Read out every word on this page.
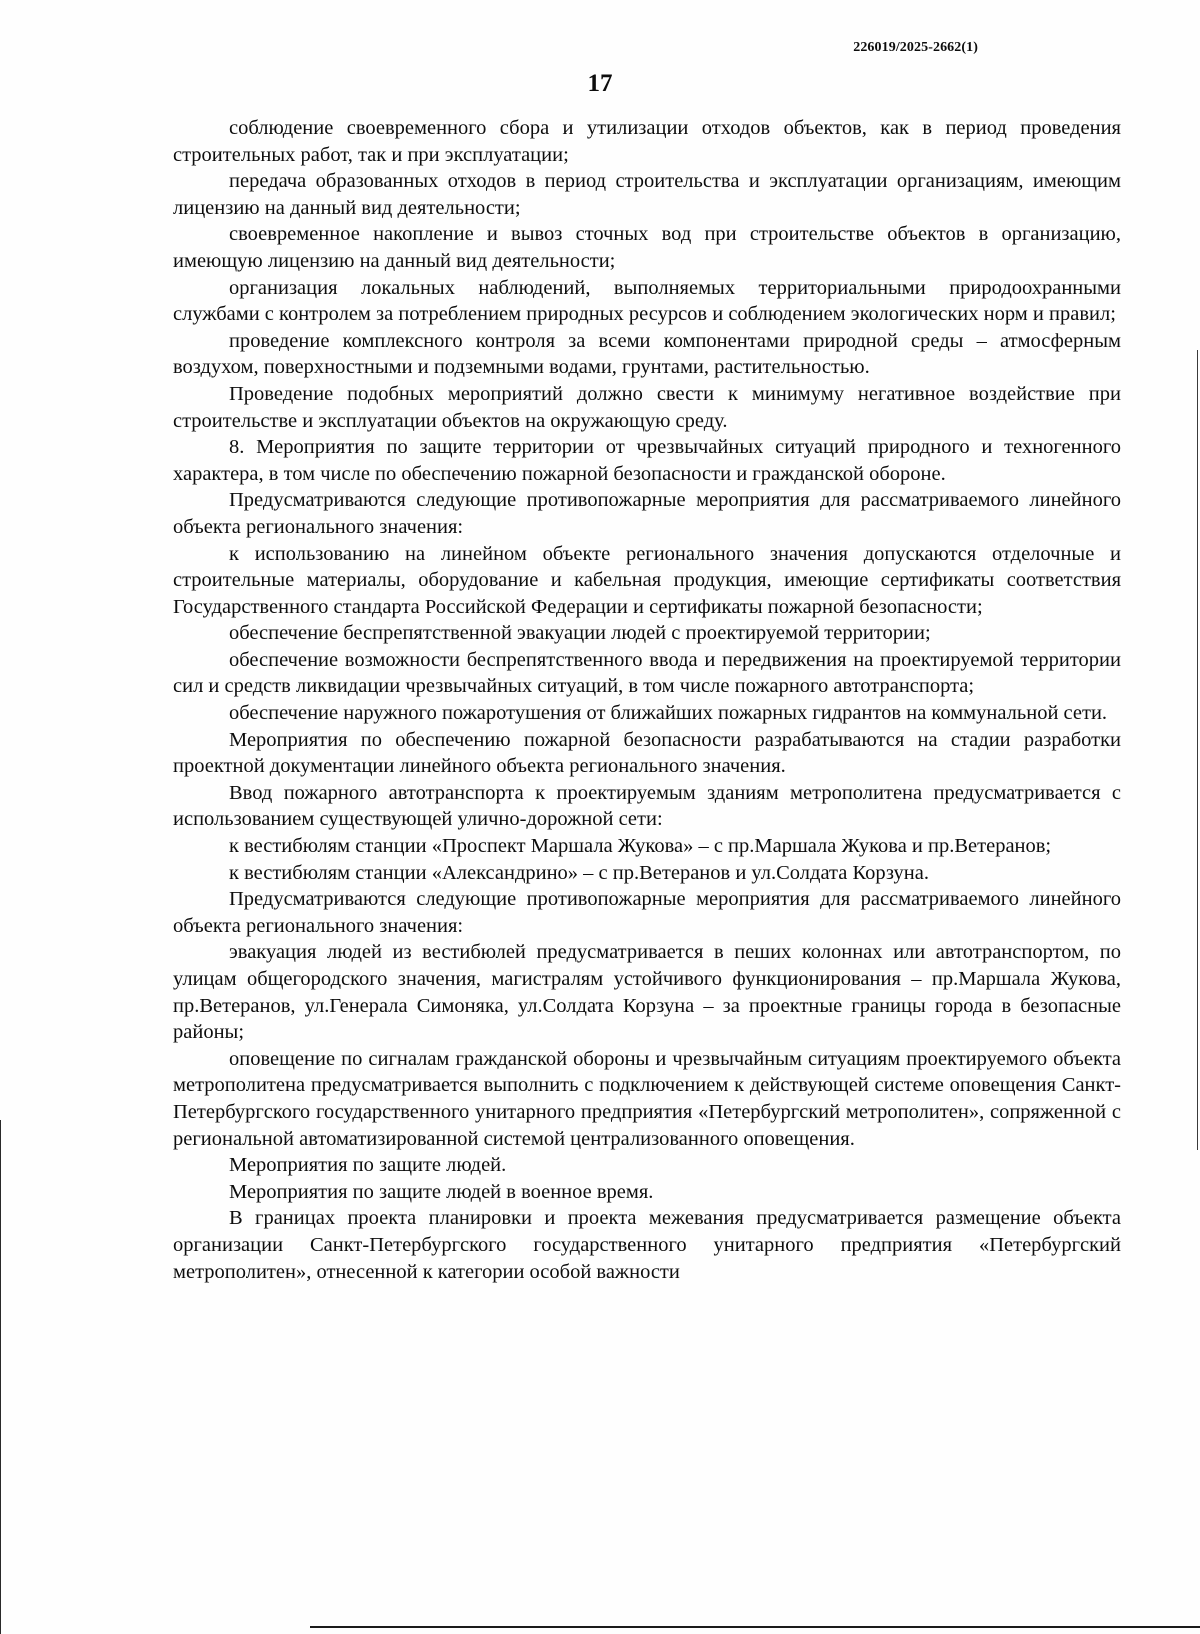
226019/2025-2662(1)
17

соблюдение своевременного сбора и утилизации отходов объектов, как в период проведения строительных работ, так и при эксплуатации;

передача образованных отходов в период строительства и эксплуатации организациям, имеющим лицензию на данный вид деятельности;

своевременное накопление и вывоз сточных вод при строительстве объектов в организацию, имеющую лицензию на данный вид деятельности;

организация локальных наблюдений, выполняемых территориальными природоохранными службами с контролем за потреблением природных ресурсов и соблюдением экологических норм и правил;

проведение комплексного контроля за всеми компонентами природной среды – атмосферным воздухом, поверхностными и подземными водами, грунтами, растительностью.

Проведение подобных мероприятий должно свести к минимуму негативное воздействие при строительстве и эксплуатации объектов на окружающую среду.

8. Мероприятия по защите территории от чрезвычайных ситуаций природного и техногенного характера, в том числе по обеспечению пожарной безопасности и гражданской обороне.

Предусматриваются следующие противопожарные мероприятия для рассматриваемого линейного объекта регионального значения:

к использованию на линейном объекте регионального значения допускаются отделочные и строительные материалы, оборудование и кабельная продукция, имеющие сертификаты соответствия Государственного стандарта Российской Федерации и сертификаты пожарной безопасности;

обеспечение беспрепятственной эвакуации людей с проектируемой территории;

обеспечение возможности беспрепятственного ввода и передвижения на проектируемой территории сил и средств ликвидации чрезвычайных ситуаций, в том числе пожарного автотранспорта;

обеспечение наружного пожаротушения от ближайших пожарных гидрантов на коммунальной сети.

Мероприятия по обеспечению пожарной безопасности разрабатываются на стадии разработки проектной документации линейного объекта регионального значения.

Ввод пожарного автотранспорта к проектируемым зданиям метрополитена предусматривается с использованием существующей улично-дорожной сети:

к вестибюлям станции «Проспект Маршала Жукова» – с пр.Маршала Жукова и пр.Ветеранов;

к вестибюлям станции «Александрино» – с пр.Ветеранов и ул.Солдата Корзуна.

Предусматриваются следующие противопожарные мероприятия для рассматриваемого линейного объекта регионального значения:

эвакуация людей из вестибюлей предусматривается в пеших колоннах или автотранспортом, по улицам общегородского значения, магистралям устойчивого функционирования – пр.Маршала Жукова, пр.Ветеранов, ул.Генерала Симоняка, ул.Солдата Корзуна – за проектные границы города в безопасные районы;

оповещение по сигналам гражданской обороны и чрезвычайным ситуациям проектируемого объекта метрополитена предусматривается выполнить с подключением к действующей системе оповещения Санкт-Петербургского государственного унитарного предприятия «Петербургский метрополитен», сопряженной с региональной автоматизированной системой централизованного оповещения.

Мероприятия по защите людей.

Мероприятия по защите людей в военное время.

В границах проекта планировки и проекта межевания предусматривается размещение объекта организации Санкт-Петербургского государственного унитарного предприятия «Петербургский метрополитен», отнесенной к категории особой важности
